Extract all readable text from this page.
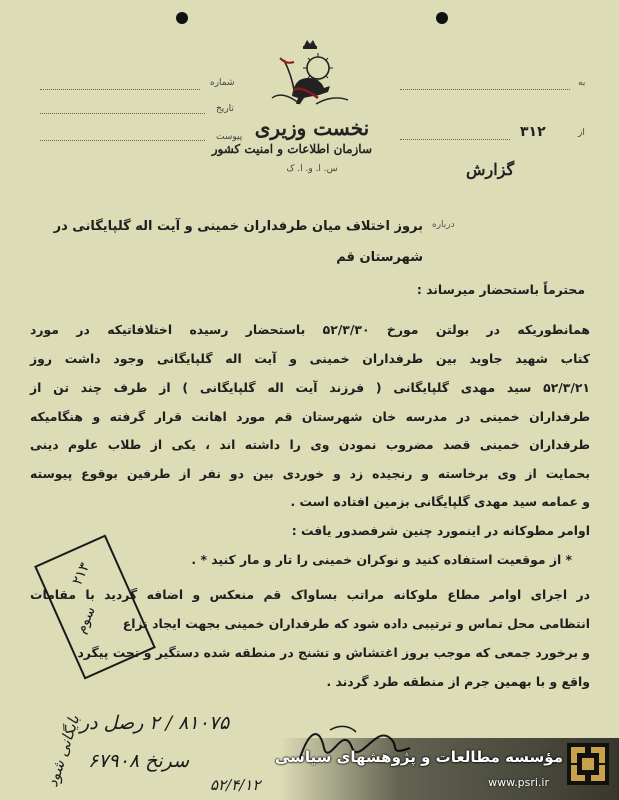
شماره
تاریخ
پیوست
به
از
۳۱۲
نخست وزیری
سازمان اطلاعات و امنیت کشور
س. ا. و. ا. ک	گزارش
درباره
بروز اختلاف میان طرفداران خمینی و آیت اله گلپایگانی در
شهرستان قم
محترماً باستحضار میرساند :
همانطوریکه در بولتن مورخ ۵۲/۳/۳۰ باستحضار رسیده اختلافاتیکه در مورد
کتاب شهید جاوید بین طرفداران خمینی و آیت اله گلپایگانی وجود داشت روز
۵۲/۳/۲۱ سید مهدی گلپایگانی ( فرزند آیت اله گلپایگانی ) از طرف چند تن از
طرفداران خمینی در مدرسه خان شهرستان قم مورد اهانت قرار گرفته و هنگامیکه
طرفداران خمینی قصد مضروب نمودن وی را داشته اند ، یکی از طلاب علوم دینی
بحمایت از وی برخاسته و رنجیده زد و خوردی بین دو نفر از طرفین بوقوع پیوسته
و عمامه سید مهدی گلپایگانی بزمین افتاده است .
اوامر مطوکانه در اینمورد چنین شرفصدور یافت :
* از موقعیت استفاده کنید و نوکران خمینی را تار و مار کنید * .
در اجرای اوامر مطاع ملوکانه مراتب بساواک قم منعکس و اضافه گردید با مقامات
انتظامی محل تماس و ترتیبی داده شود که طرفداران خمینی بجهت ایجاد نزاع
و برخورد جمعی که موجب بروز اغتشاش و تشنج در منطقه شده دستگیر و تحت پیگرد
واقع و با بهمین جرم از منطقه طرد گردند .
۲۱۳
سوم
۸۱۰۷۵ / ۲ رصل در
سرنخ ۶۷۹۰۸
۵۲/۴/۱۲
بایگانی شود	مؤسسه مطالعات و پژوهشهای سیاسی
www.psri.ir
